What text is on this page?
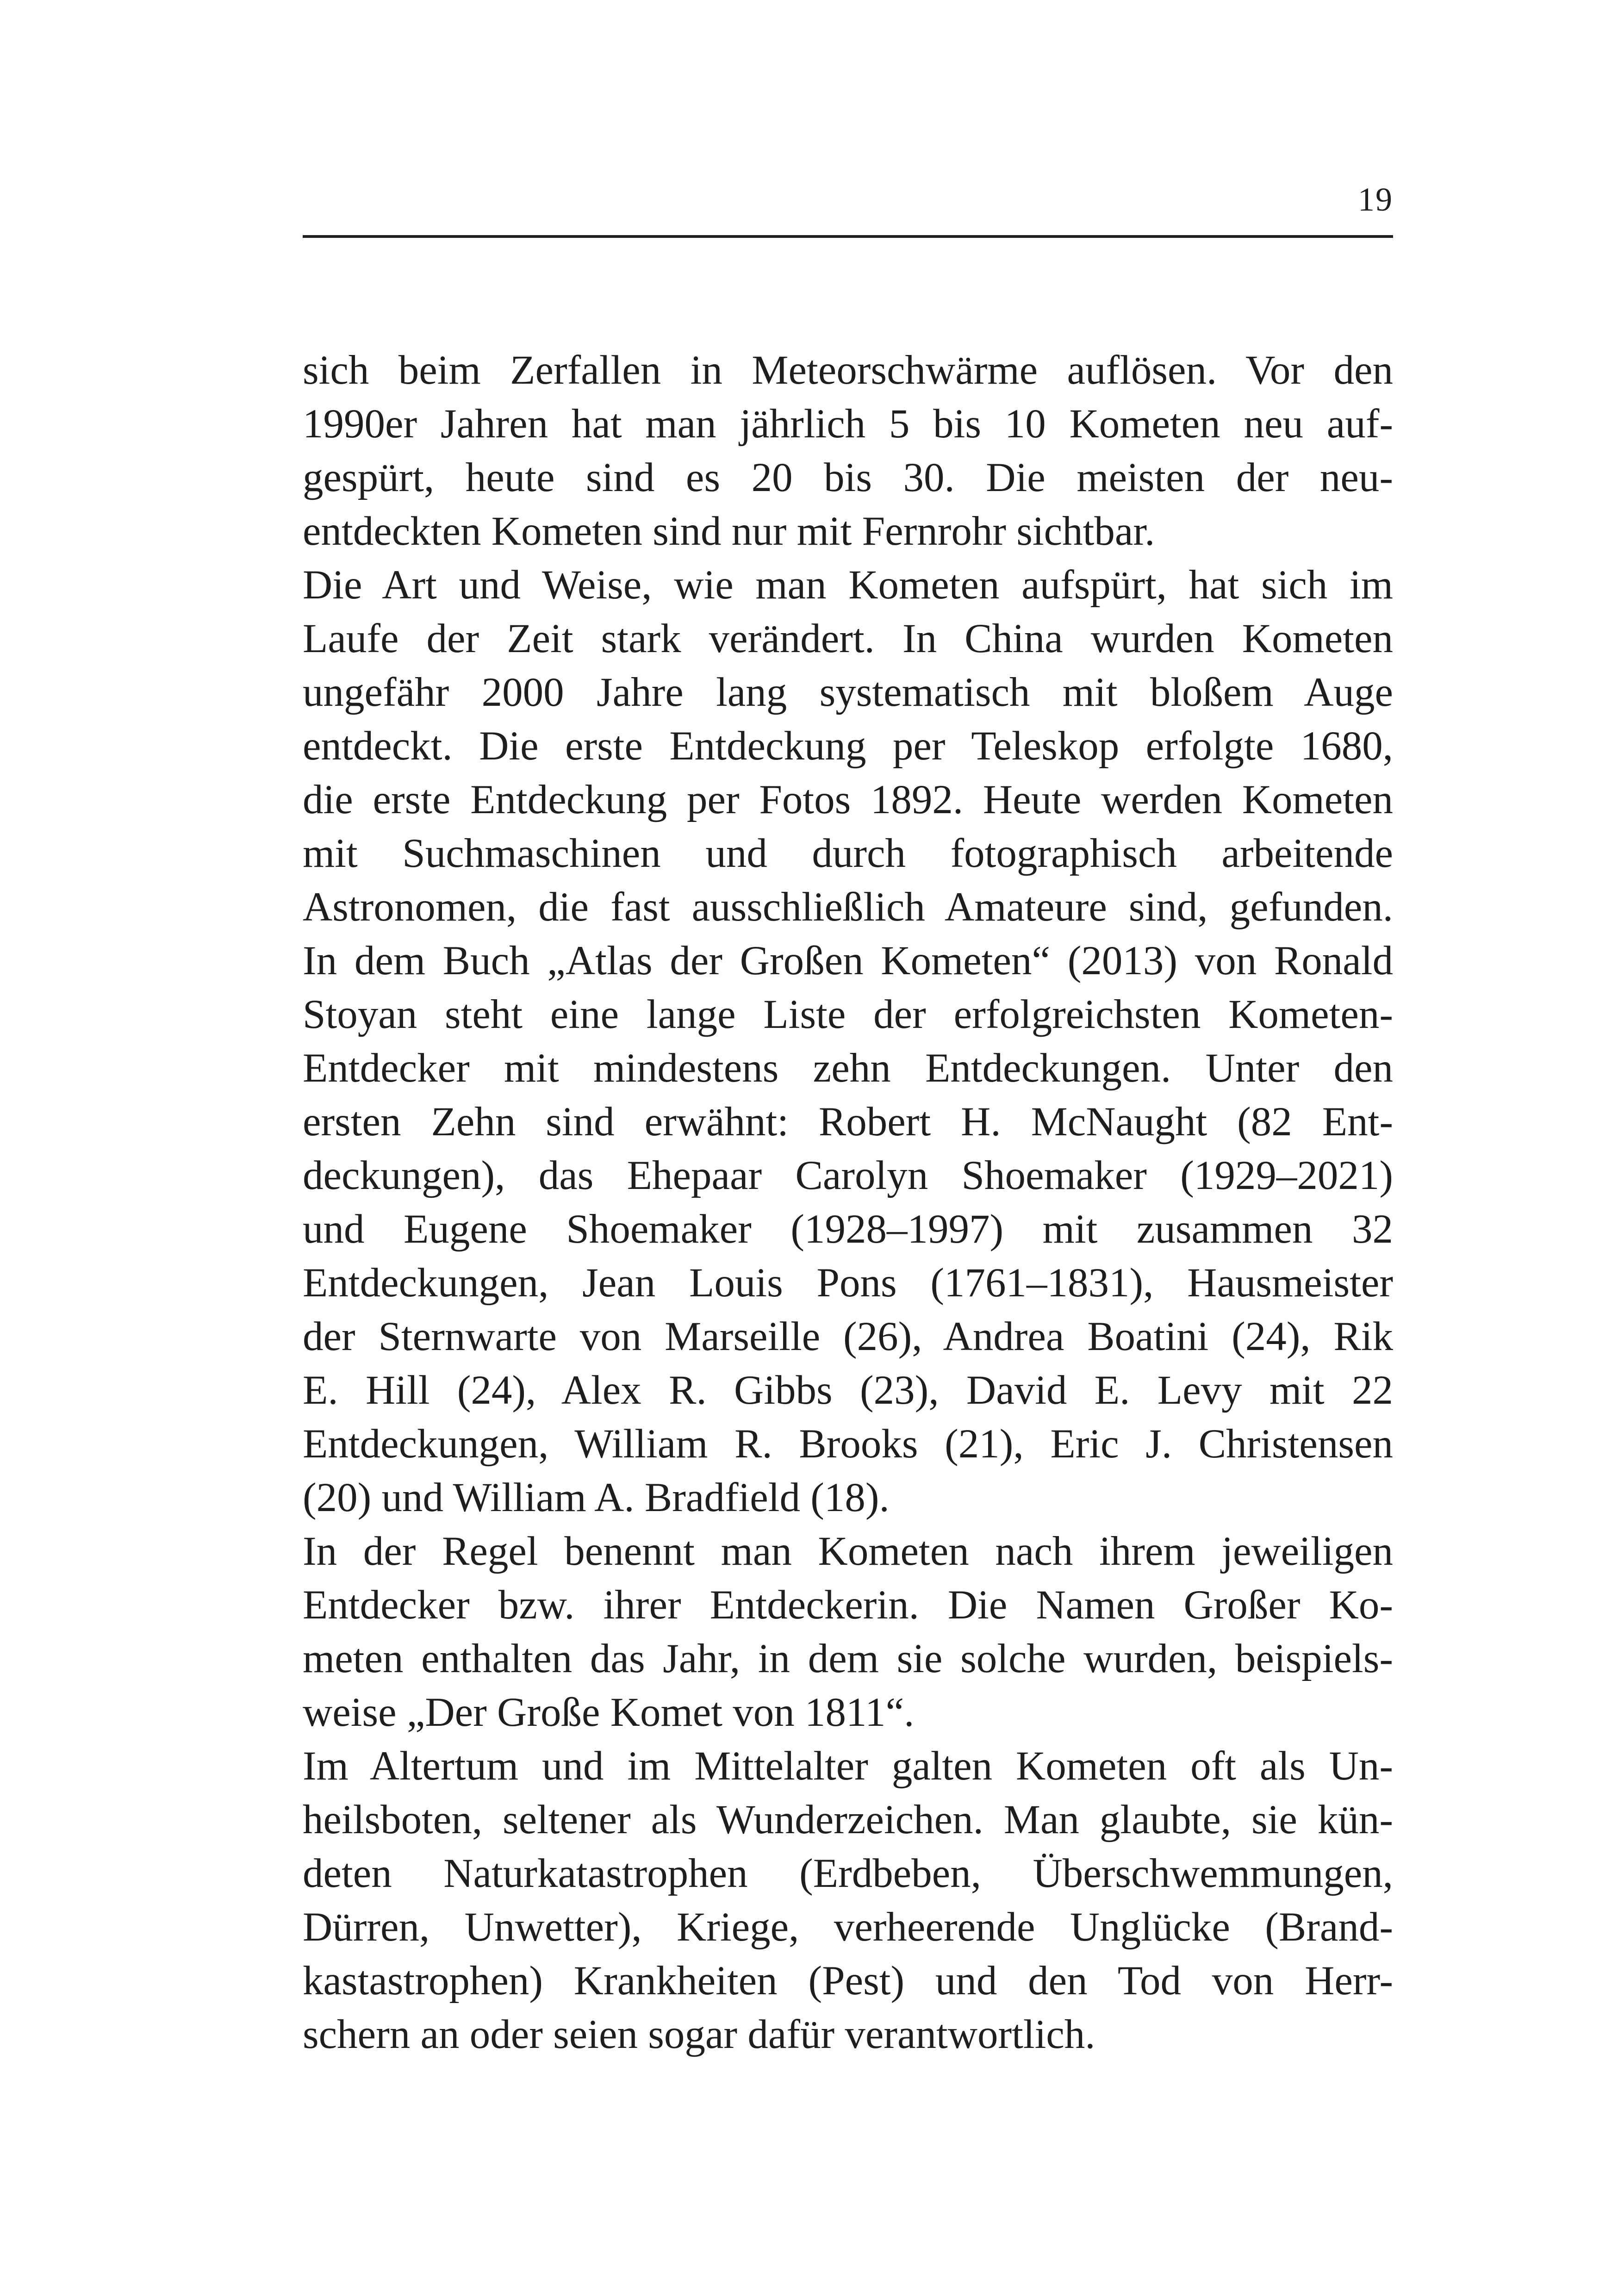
19
sich beim Zerfallen in Meteorschwärme auflösen. Vor den
1990er Jahren hat man jährlich 5 bis 10 Kometen neu auf-
gespürt, heute sind es 20 bis 30. Die meisten der neu-
entdeckten Kometen sind nur mit Fernrohr sichtbar.
Die Art und Weise, wie man Kometen aufspürt, hat sich im
Laufe der Zeit stark verändert. In China wurden Kometen
ungefähr 2000 Jahre lang systematisch mit bloßem Auge
entdeckt. Die erste Entdeckung per Teleskop erfolgte 1680,
die erste Entdeckung per Fotos 1892. Heute werden Kometen
mit Suchmaschinen und durch fotographisch arbeitende
Astronomen, die fast ausschließlich Amateure sind, gefunden.
In dem Buch „Atlas der Großen Kometen“ (2013) von Ronald
Stoyan steht eine lange Liste der erfolgreichsten Kometen-
Entdecker mit mindestens zehn Entdeckungen. Unter den
ersten Zehn sind erwähnt: Robert H. McNaught (82 Ent-
deckungen), das Ehepaar Carolyn Shoemaker (1929–2021)
und Eugene Shoemaker (1928–1997) mit zusammen 32
Entdeckungen, Jean Louis Pons (1761–1831), Hausmeister
der Sternwarte von Marseille (26), Andrea Boatini (24), Rik
E. Hill (24), Alex R. Gibbs (23), David E. Levy mit 22
Entdeckungen, William R. Brooks (21), Eric J. Christensen
(20) und William A. Bradfield (18).
In der Regel benennt man Kometen nach ihrem jeweiligen
Entdecker bzw. ihrer Entdeckerin. Die Namen Großer Ko-
meten enthalten das Jahr, in dem sie solche wurden, beispiels-
weise „Der Große Komet von 1811“.
Im Altertum und im Mittelalter galten Kometen oft als Un-
heilsboten, seltener als Wunderzeichen. Man glaubte, sie kün-
deten Naturkatastrophen (Erdbeben, Überschwemmungen,
Dürren, Unwetter), Kriege, verheerende Unglücke (Brand-
kastastrophen) Krankheiten (Pest) und den Tod von Herr-
schern an oder seien sogar dafür verantwortlich.
